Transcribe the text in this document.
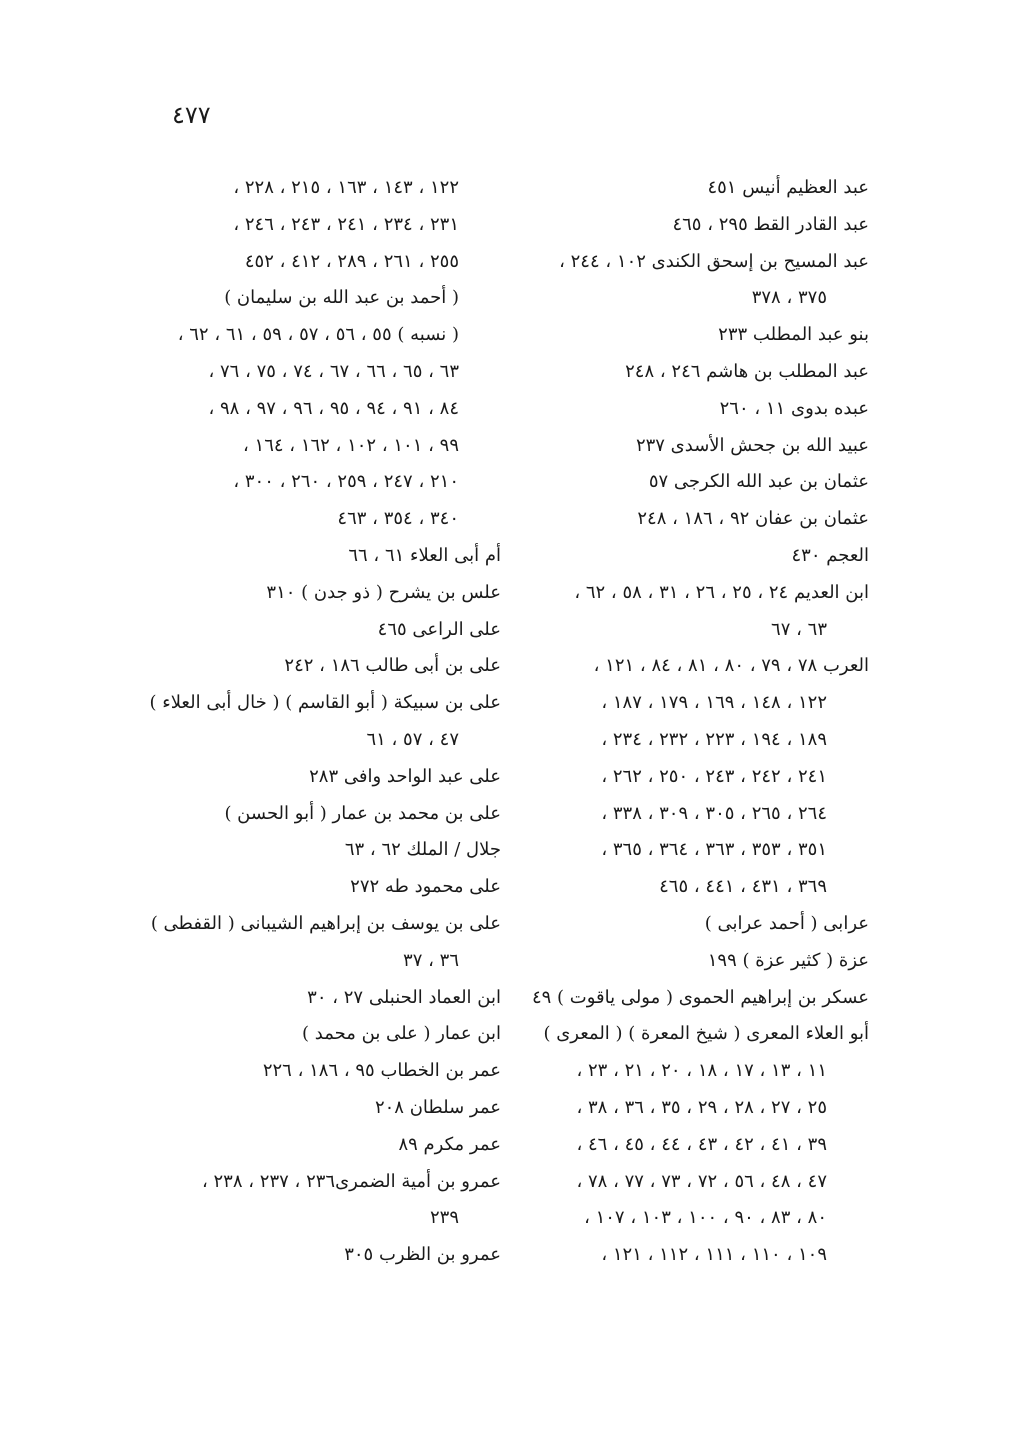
٤٧٧
عبد العظيم أنيس ٤٥١
عبد القادر القط ٢٩٥ ، ٤٦٥
عبد المسيح بن إسحق الكندى ١٠٢ ، ٢٤٤ ،
٣٧٥ ، ٣٧٨
بنو عبد المطلب ٢٣٣
عبد المطلب بن هاشم ٢٤٦ ، ٢٤٨
عبده بدوى ١١ ، ٢٦٠
عبيد الله بن جحش الأسدى ٢٣٧
عثمان بن عبد الله الكرجى ٥٧
عثمان بن عفان ٩٢ ، ١٨٦ ، ٢٤٨
العجم ٤٣٠
ابن العديم ٢٤ ، ٢٥ ، ٢٦ ، ٣١ ، ٥٨ ، ٦٢ ،
٦٣ ، ٦٧
العرب ٧٨ ، ٧٩ ، ٨٠ ، ٨١ ، ٨٤ ، ١٢١ ،
١٢٢ ، ١٤٨ ، ١٦٩ ، ١٧٩ ، ١٨٧ ،
١٨٩ ، ١٩٤ ، ٢٢٣ ، ٢٣٢ ، ٢٣٤ ،
٢٤١ ، ٢٤٢ ، ٢٤٣ ، ٢٥٠ ، ٢٦٢ ،
٢٦٤ ، ٢٦٥ ، ٣٠٥ ، ٣٠٩ ، ٣٣٨ ،
٣٥١ ، ٣٥٣ ، ٣٦٣ ، ٣٦٤ ، ٣٦٥ ،
٣٦٩ ، ٤٣١ ، ٤٤١ ، ٤٦٥
عرابى ( أحمد عرابى )
عزة ( كثير عزة ) ١٩٩
عسكر بن إبراهيم الحموى ( مولى ياقوت ) ٤٩
أبو العلاء المعرى ( شيخ المعرة ) ( المعرى )
١١ ، ١٣ ، ١٧ ، ١٨ ، ٢٠ ، ٢١ ، ٢٣ ،
٢٥ ، ٢٧ ، ٢٨ ، ٢٩ ، ٣٥ ، ٣٦ ، ٣٨ ،
٣٩ ، ٤١ ، ٤٢ ، ٤٣ ، ٤٤ ، ٤٥ ، ٤٦ ،
٤٧ ، ٤٨ ، ٥٦ ، ٧٢ ، ٧٣ ، ٧٧ ، ٧٨ ،
٨٠ ، ٨٣ ، ٩٠ ، ١٠٠ ، ١٠٣ ، ١٠٧ ،
١٠٩ ، ١١٠ ، ١١١ ، ١١٢ ، ١٢١ ،
١٢٢ ، ١٤٣ ، ١٦٣ ، ٢١٥ ، ٢٢٨ ،
٢٣١ ، ٢٣٤ ، ٢٤١ ، ٢٤٣ ، ٢٤٦ ،
٢٥٥ ، ٢٦١ ، ٢٨٩ ، ٤١٢ ، ٤٥٢
( أحمد بن عبد الله بن سليمان )
( نسبه ) ٥٥ ، ٥٦ ، ٥٧ ، ٥٩ ، ٦١ ، ٦٢ ،
٦٣ ، ٦٥ ، ٦٦ ، ٦٧ ، ٧٤ ، ٧٥ ، ٧٦ ،
٨٤ ، ٩١ ، ٩٤ ، ٩٥ ، ٩٦ ، ٩٧ ، ٩٨ ،
٩٩ ، ١٠١ ، ١٠٢ ، ١٦٢ ، ١٦٤ ،
٢١٠ ، ٢٤٧ ، ٢٥٩ ، ٢٦٠ ، ٣٠٠ ،
٣٤٠ ، ٣٥٤ ، ٤٦٣
أم أبى العلاء ٦١ ، ٦٦
علس بن يشرح ( ذو جدن ) ٣١٠
على الراعى ٤٦٥
على بن أبى طالب ١٨٦ ، ٢٤٢
على بن سبيكة ( أبو القاسم ) ( خال أبى العلاء )
٤٧ ، ٥٧ ، ٦١
على عبد الواحد وافى ٢٨٣
على بن محمد بن عمار ( أبو الحسن )
جلال / الملك ٦٢ ، ٦٣
على محمود طه ٢٧٢
على بن يوسف بن إبراهيم الشيبانى ( القفطى )
٣٦ ، ٣٧
ابن العماد الحنبلى ٢٧ ، ٣٠
ابن عمار ( على بن محمد )
عمر بن الخطاب ٩٥ ، ١٨٦ ، ٢٢٦
عمر سلطان ٢٠٨
عمر مكرم ٨٩
عمرو بن أمية الضمرى٢٣٦ ، ٢٣٧ ، ٢٣٨ ،
٢٣٩
عمرو بن الظرب ٣٠٥
